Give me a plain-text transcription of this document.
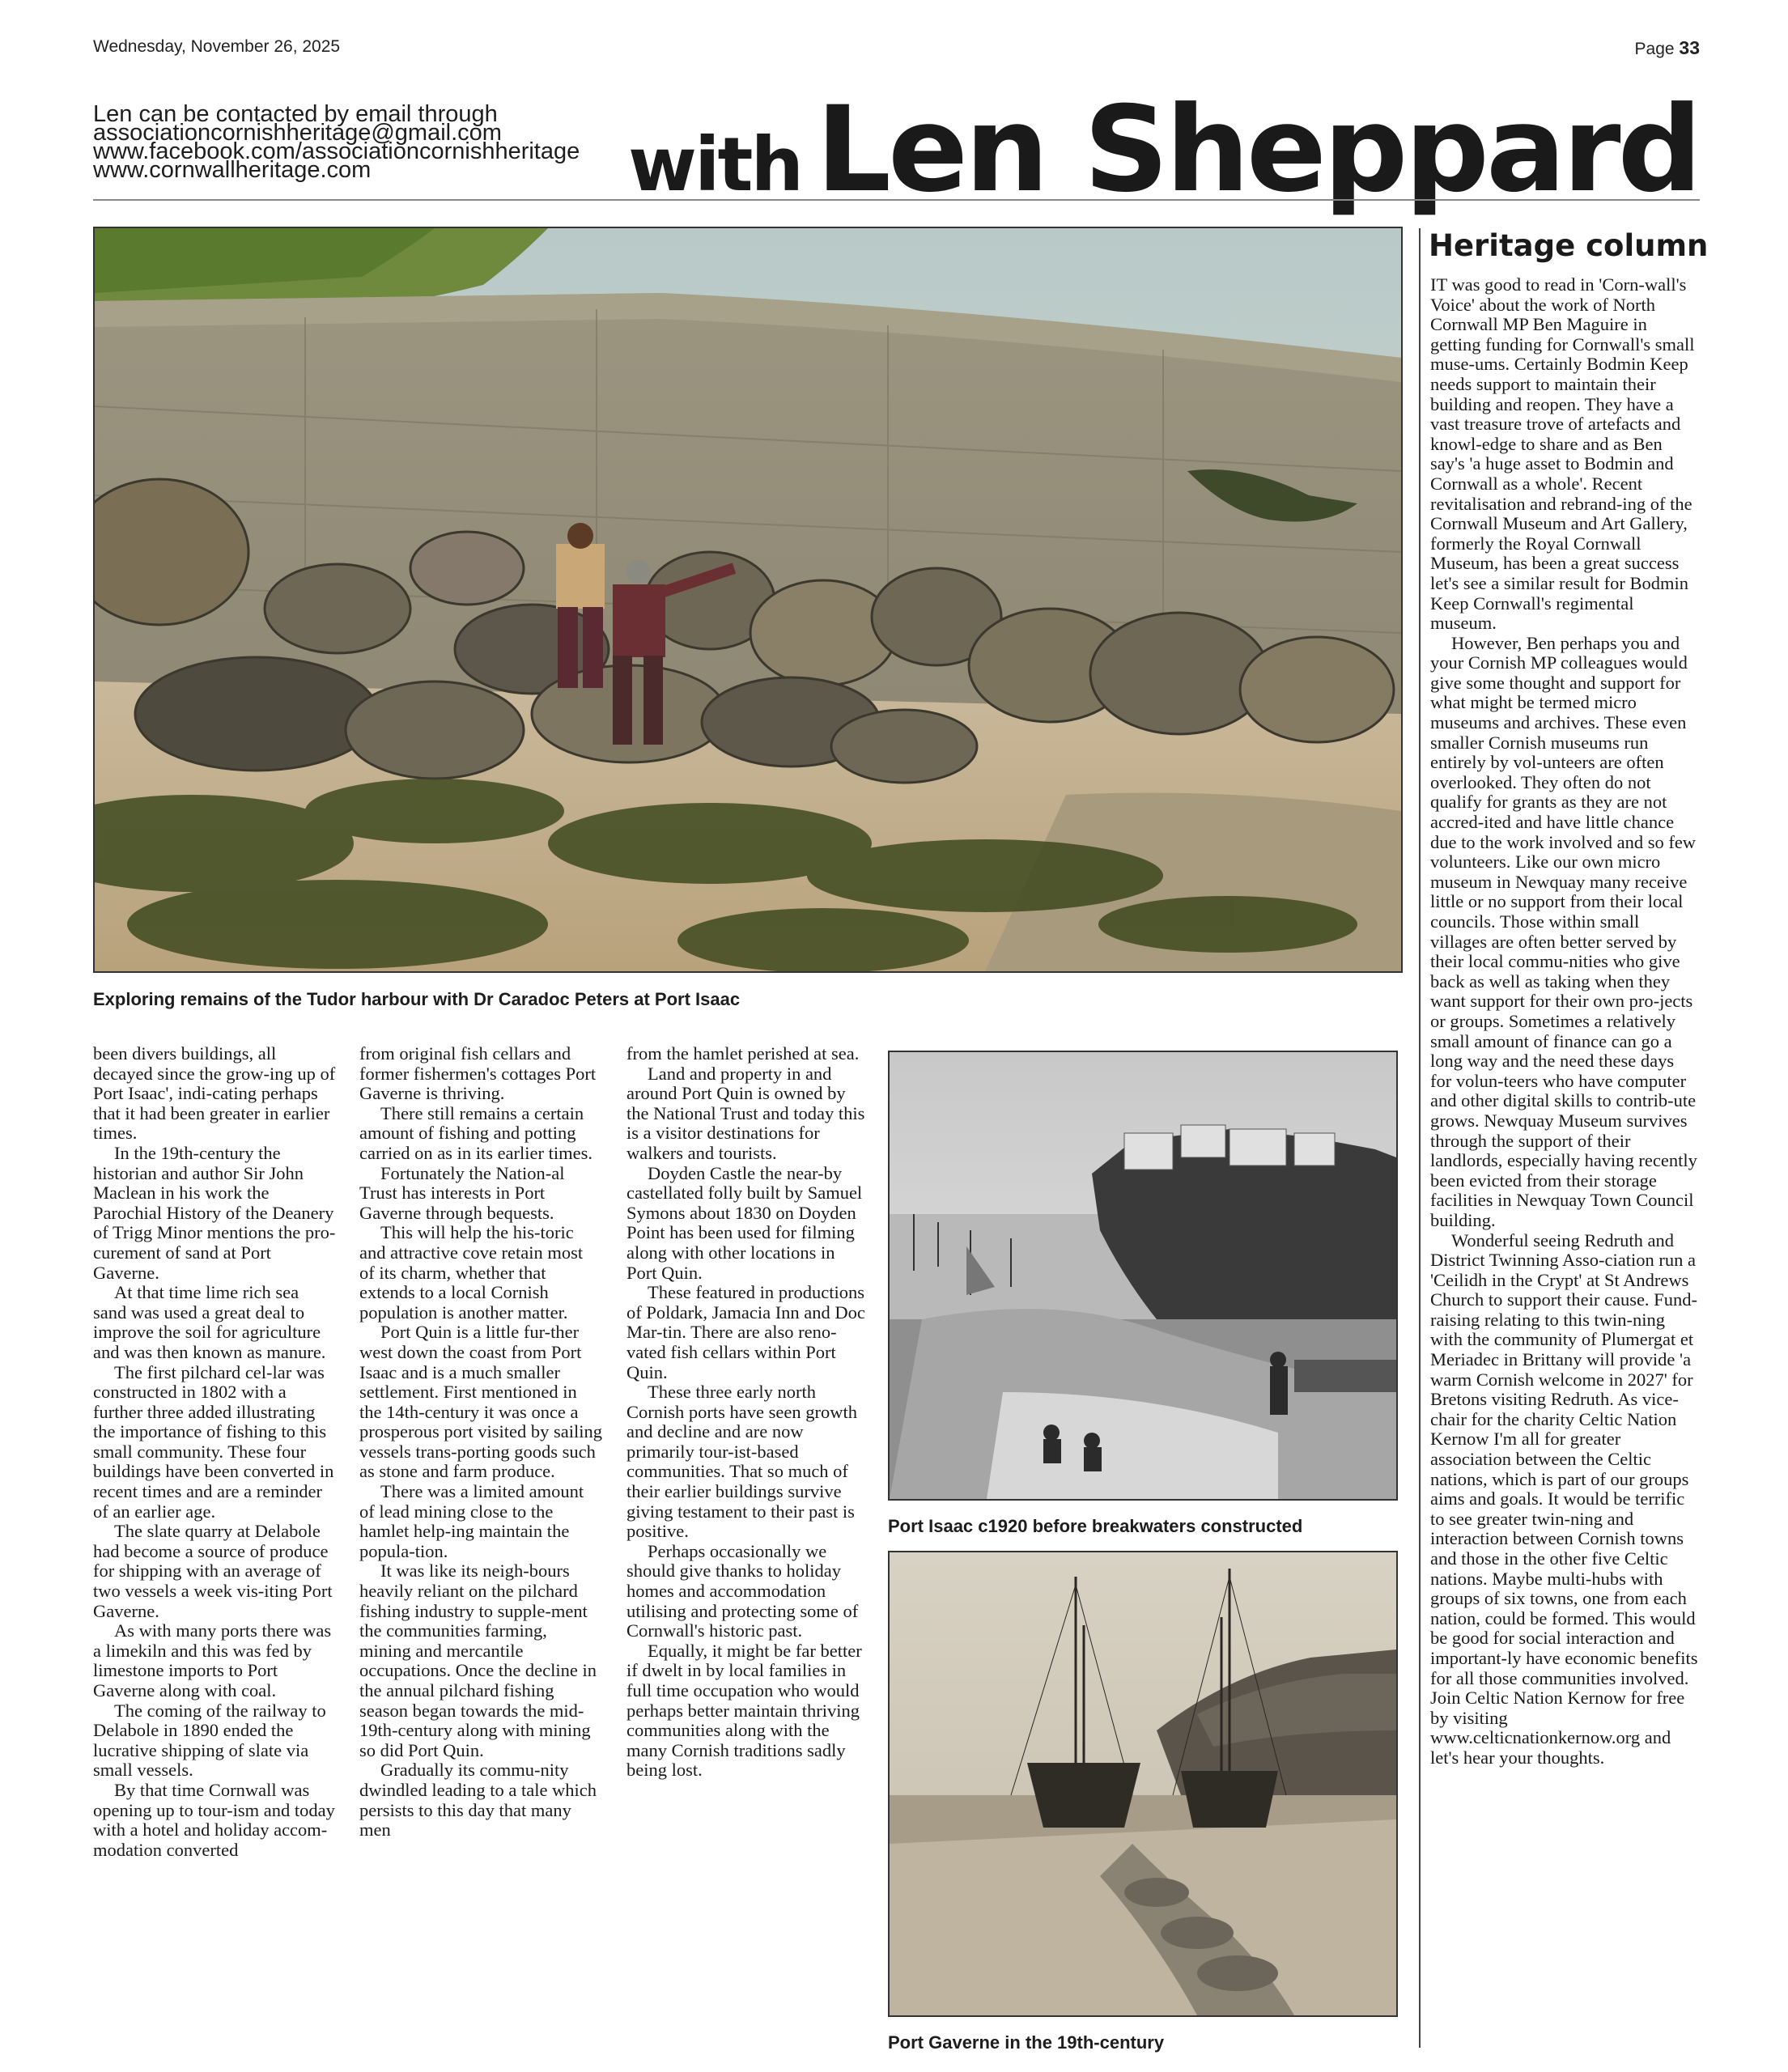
Wednesday, November 26, 2025	Page 33
Len can be contacted by email through
associationcornishheritage@gmail.com
www.facebook.com/associationcornishheritage
www.cornwallheritage.com	with Len Sheppard
Exploring remains of the Tudor harbour with Dr Caradoc Peters at Port Isaac

been divers buildings, all decayed since the grow-ing up of Port Isaac', indi-cating perhaps that it had been greater in earlier times.

In the 19th-century the historian and author Sir John Maclean in his work the Parochial History of the Deanery of Trigg Minor mentions the pro-curement of sand at Port Gaverne.

At that time lime rich sea sand was used a great deal to improve the soil for agriculture and was then known as manure.

The first pilchard cel-lar was constructed in 1802 with a further three added illustrating the importance of fishing to this small community. These four buildings have been converted in recent times and are a reminder of an earlier age.

The slate quarry at Delabole had become a source of produce for shipping with an average of two vessels a week vis-iting Port Gaverne.

As with many ports there was a limekiln and this was fed by limestone imports to Port Gaverne along with coal.

The coming of the railway to Delabole in 1890 ended the lucrative shipping of slate via small vessels.

By that time Cornwall was opening up to tour-ism and today with a hotel and holiday accom-modation converted

from original fish cellars and former fishermen's cottages Port Gaverne is thriving.

There still remains a certain amount of fishing and potting carried on as in its earlier times.

Fortunately the Nation-al Trust has interests in Port Gaverne through bequests.

This will help the his-toric and attractive cove retain most of its charm, whether that extends to a local Cornish population is another matter.

Port Quin is a little fur-ther west down the coast from Port Isaac and is a much smaller settlement. First mentioned in the 14th-century it was once a prosperous port visited by sailing vessels trans-porting goods such as stone and farm produce.

There was a limited amount of lead mining close to the hamlet help-ing maintain the popula-tion.

It was like its neigh-bours heavily reliant on the pilchard fishing industry to supple-ment the communities farming, mining and mercantile occupations. Once the decline in the annual pilchard fishing season began towards the mid-19th-century along with mining so did Port Quin.

Gradually its commu-nity dwindled leading to a tale which persists to this day that many men

from the hamlet perished at sea.

Land and property in and around Port Quin is owned by the National Trust and today this is a visitor destinations for walkers and tourists.

Doyden Castle the near-by castellated folly built by Samuel Symons about 1830 on Doyden Point has been used for filming along with other locations in Port Quin.

These featured in productions of Poldark, Jamacia Inn and Doc Mar-tin. There are also reno-vated fish cellars within Port Quin.

These three early north Cornish ports have seen growth and decline and are now primarily tour-ist-based communities. That so much of their earlier buildings survive giving testament to their past is positive.

Perhaps occasionally we should give thanks to holiday homes and accommodation utilising and protecting some of Cornwall's historic past.

Equally, it might be far better if dwelt in by local families in full time occupation who would perhaps better maintain thriving communities along with the many Cornish traditions sadly being lost.

Port Isaac c1920 before breakwaters constructed
Port Gaverne in the 19th-century
Heritage column

IT was good to read in 'Corn-wall's Voice' about the work of North Cornwall MP Ben Maguire in getting funding for Cornwall's small muse-ums. Certainly Bodmin Keep needs support to maintain their building and reopen. They have a vast treasure trove of artefacts and knowl-edge to share and as Ben say's 'a huge asset to Bodmin and Cornwall as a whole'. Recent revitalisation and rebrand-ing of the Cornwall Museum and Art Gallery, formerly the Royal Cornwall Museum, has been a great success let's see a similar result for Bodmin Keep Cornwall's regimental museum.

However, Ben perhaps you and your Cornish MP colleagues would give some thought and support for what might be termed micro museums and archives. These even smaller Cornish museums run entirely by vol-unteers are often overlooked. They often do not qualify for grants as they are not accred-ited and have little chance due to the work involved and so few volunteers. Like our own micro museum in Newquay many receive little or no support from their local councils. Those within small villages are often better served by their local commu-nities who give back as well as taking when they want support for their own pro-jects or groups. Sometimes a relatively small amount of finance can go a long way and the need these days for volun-teers who have computer and other digital skills to contrib-ute grows. Newquay Museum survives through the support of their landlords, especially having recently been evicted from their storage facilities in Newquay Town Council building.

Wonderful seeing Redruth and District Twinning Asso-ciation run a 'Ceilidh in the Crypt' at St Andrews Church to support their cause. Fund-raising relating to this twin-ning with the community of Plumergat et Meriadec in Brittany will provide 'a warm Cornish welcome in 2027' for Bretons visiting Redruth. As vice-chair for the charity Celtic Nation Kernow I'm all for greater association between the Celtic nations, which is part of our groups aims and goals. It would be terrific to see greater twin-ning and interaction between Cornish towns and those in the other five Celtic nations. Maybe multi-hubs with groups of six towns, one from each nation, could be formed. This would be good for social interaction and important-ly have economic benefits for all those communities involved. Join Celtic Nation Kernow for free by visiting www.celticnationkernow.org and let's hear your thoughts.
